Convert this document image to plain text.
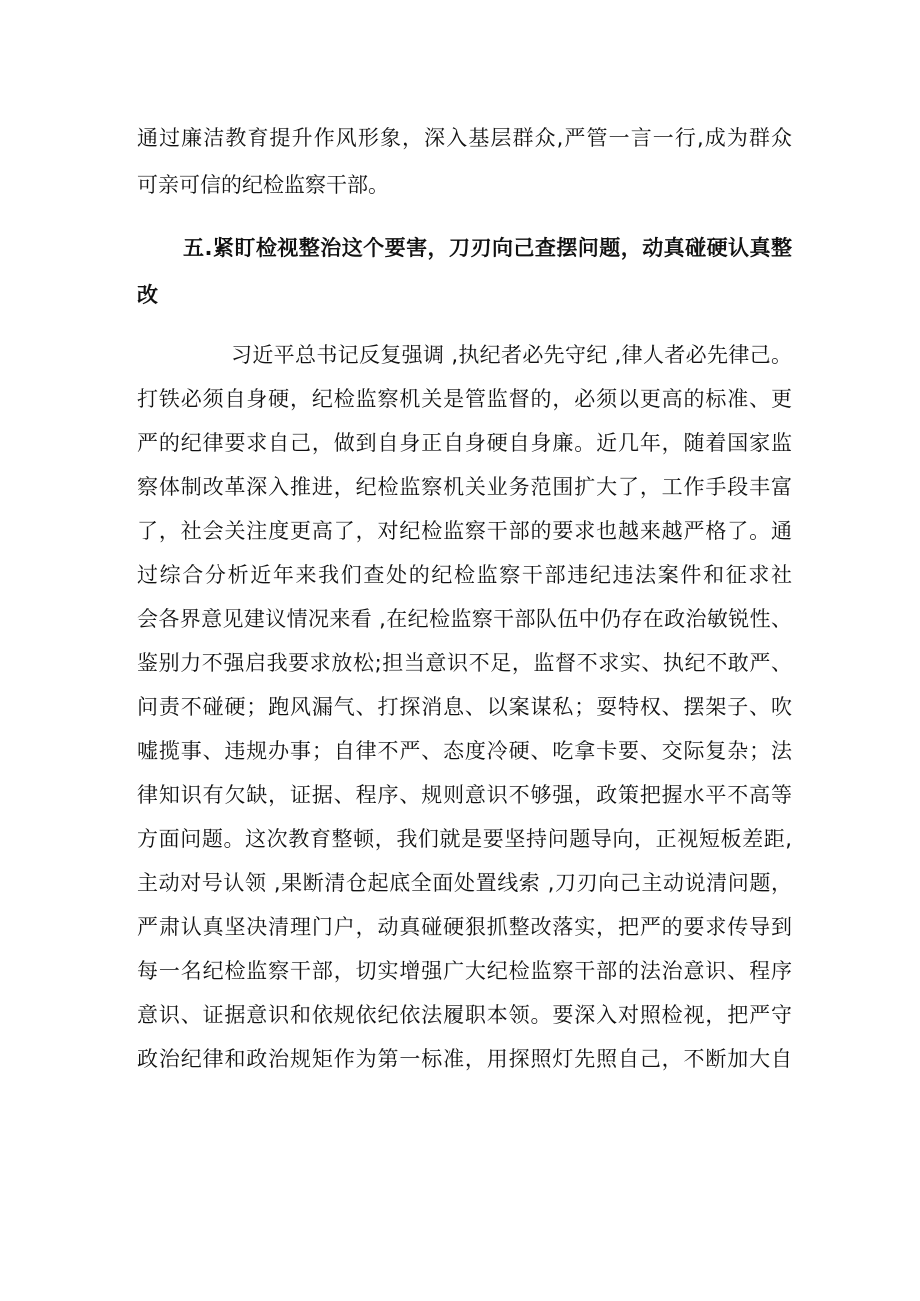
通过廉洁教育提升作风形象，深入基层群众,严管一言一行,成为群众
可亲可信的纪检监察干部。
五.紧盯检视整治这个要害，刀刃向己查摆问题，动真碰硬认真整
改
习近平总书记反复强调 ,执纪者必先守纪 ,律人者必先律己。
打铁必须自身硬，纪检监察机关是管监督的，必须以更高的标准、更
严的纪律要求自己，做到自身正自身硬自身廉。近几年，随着国家监
察体制改革深入推进，纪检监察机关业务范围扩大了，工作手段丰富
了，社会关注度更高了，对纪检监察干部的要求也越来越严格了。通
过综合分析近年来我们查处的纪检监察干部违纪违法案件和征求社
会各界意见建议情况来看 ,在纪检监察干部队伍中仍存在政治敏锐性、
鉴别力不强启我要求放松;担当意识不足，监督不求实、执纪不敢严、
问责不碰硬；跑风漏气、打探消息、以案谋私；耍特权、摆架子、吹
嘘揽事、违规办事；自律不严、态度冷硬、吃拿卡要、交际复杂；法
律知识有欠缺，证据、程序、规则意识不够强，政策把握水平不高等
方面问题。这次教育整顿，我们就是要坚持问题导向，正视短板差距,
主动对号认领 ,果断清仓起底全面处置线索 ,刀刃向己主动说清问题，
严肃认真坚决清理门户，动真碰硬狠抓整改落实，把严的要求传导到
每一名纪检监察干部，切实增强广大纪检监察干部的法治意识、程序
意识、证据意识和依规依纪依法履职本领。要深入对照检视，把严守
政治纪律和政治规矩作为第一标准，用探照灯先照自己，不断加大自
